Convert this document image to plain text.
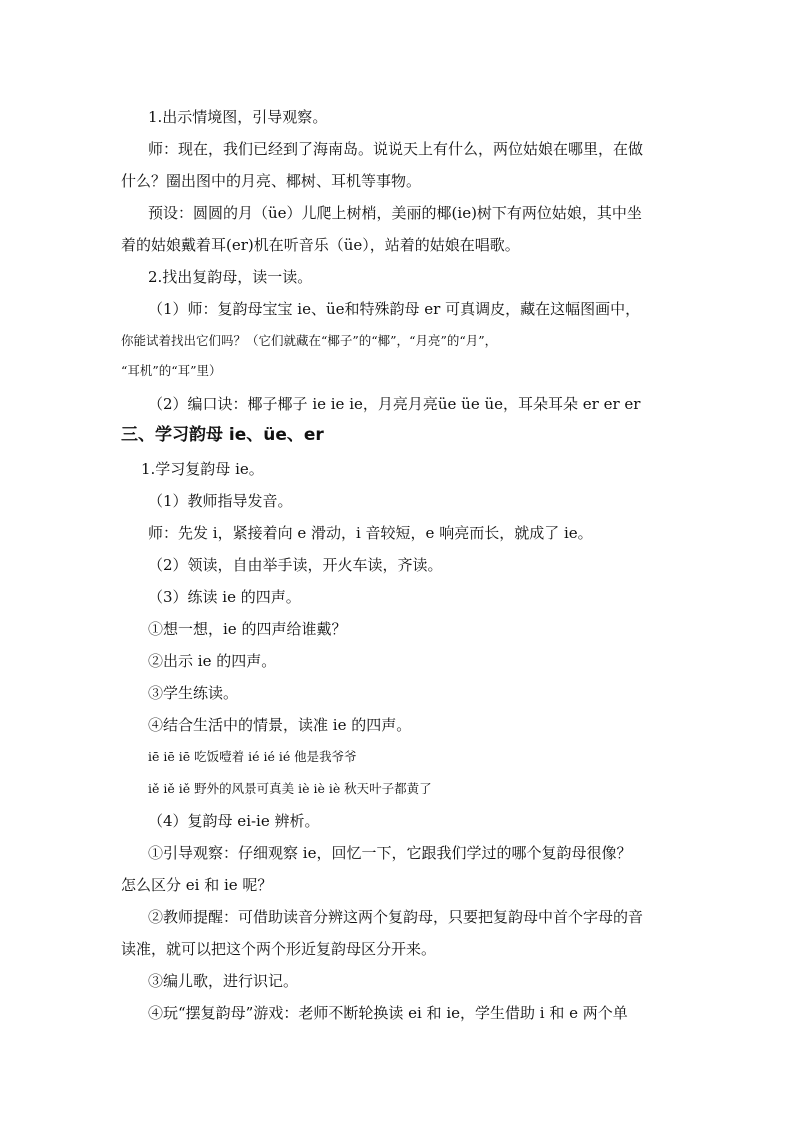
1.出示情境图，引导观察。
师：现在，我们已经到了海南岛。说说天上有什么，两位姑娘在哪里，在做
什么？圈出图中的月亮、椰树、耳机等事物。
预设：圆圆的月（üe）儿爬上树梢，美丽的椰(ie)树下有两位姑娘，其中坐
着的姑娘戴着耳(er)机在听音乐（üe），站着的姑娘在唱歌。
2.找出复韵母，读一读。
（1）师：复韵母宝宝 ie、üe和特殊韵母 er 可真调皮，藏在这幅图画中，
你能试着找出它们吗？（它们就藏在“椰子”的“椰”，“月亮”的“月”，
“耳机”的“耳”里）
（2）编口诀：椰子椰子 ie ie ie，月亮月亮üe üe üe，耳朵耳朵 er er er
三、学习韵母 ie、üe、er
1.学习复韵母 ie。
（1）教师指导发音。
师：先发 i，紧接着向 e 滑动，i 音较短，e 响亮而长，就成了 ie。
（2）领读，自由举手读，开火车读，齐读。
（3）练读 ie 的四声。
①想一想，ie 的四声给谁戴？
②出示 ie 的四声。
③学生练读。
④结合生活中的情景，读准 ie 的四声。
iē iē iē 吃饭噎着 ié ié ié 他是我爷爷
iě iě iě 野外的风景可真美 iè iè iè 秋天叶子都黄了
（4）复韵母 ei-ie 辨析。
①引导观察：仔细观察 ie，回忆一下，它跟我们学过的哪个复韵母很像？
怎么区分 ei 和 ie 呢？
②教师提醒：可借助读音分辨这两个复韵母，只要把复韵母中首个字母的音
读准，就可以把这个两个形近复韵母区分开来。
③编儿歌，进行识记。
④玩“摆复韵母”游戏：老师不断轮换读 ei 和 ie，学生借助 i 和 e 两个单
